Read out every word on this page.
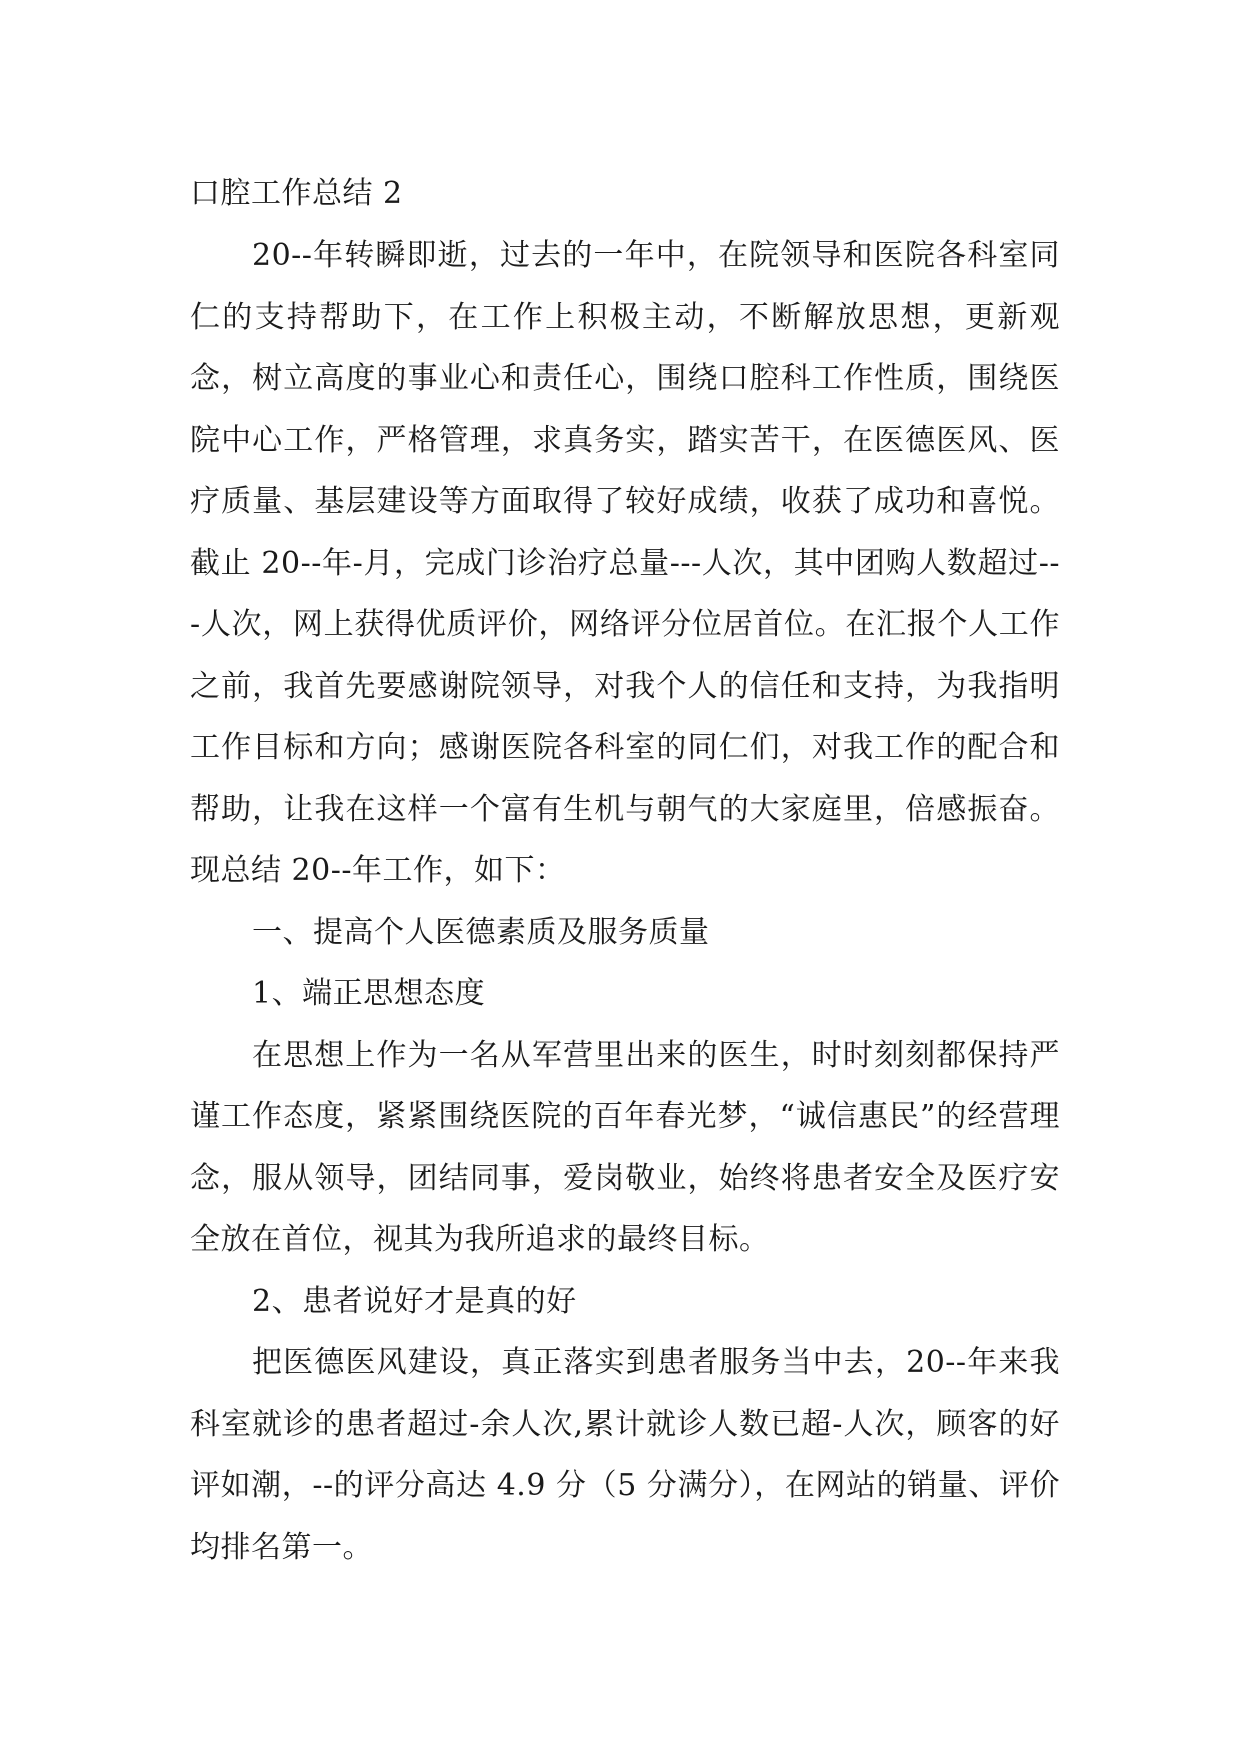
口腔工作总结 2

20--年转瞬即逝，过去的一年中，在院领导和医院各科室同仁的支持帮助下，在工作上积极主动，不断解放思想，更新观念，树立高度的事业心和责任心，围绕口腔科工作性质，围绕医院中心工作，严格管理，求真务实，踏实苦干，在医德医风、医疗质量、基层建设等方面取得了较好成绩，收获了成功和喜悦。截止 20--年-月，完成门诊治疗总量---人次，其中团购人数超过---人次，网上获得优质评价，网络评分位居首位。在汇报个人工作之前，我首先要感谢院领导，对我个人的信任和支持，为我指明工作目标和方向；感谢医院各科室的同仁们，对我工作的配合和帮助，让我在这样一个富有生机与朝气的大家庭里，倍感振奋。现总结 20--年工作，如下：

一、提高个人医德素质及服务质量

1、端正思想态度

在思想上作为一名从军营里出来的医生，时时刻刻都保持严谨工作态度，紧紧围绕医院的百年春光梦，“诚信惠民”的经营理念，服从领导，团结同事，爱岗敬业，始终将患者安全及医疗安全放在首位，视其为我所追求的最终目标。

2、患者说好才是真的好

把医德医风建设，真正落实到患者服务当中去，20--年来我科室就诊的患者超过-余人次,累计就诊人数已超-人次，顾客的好评如潮，--的评分高达 4.9 分（5 分满分），在网站的销量、评价均排名第一。
